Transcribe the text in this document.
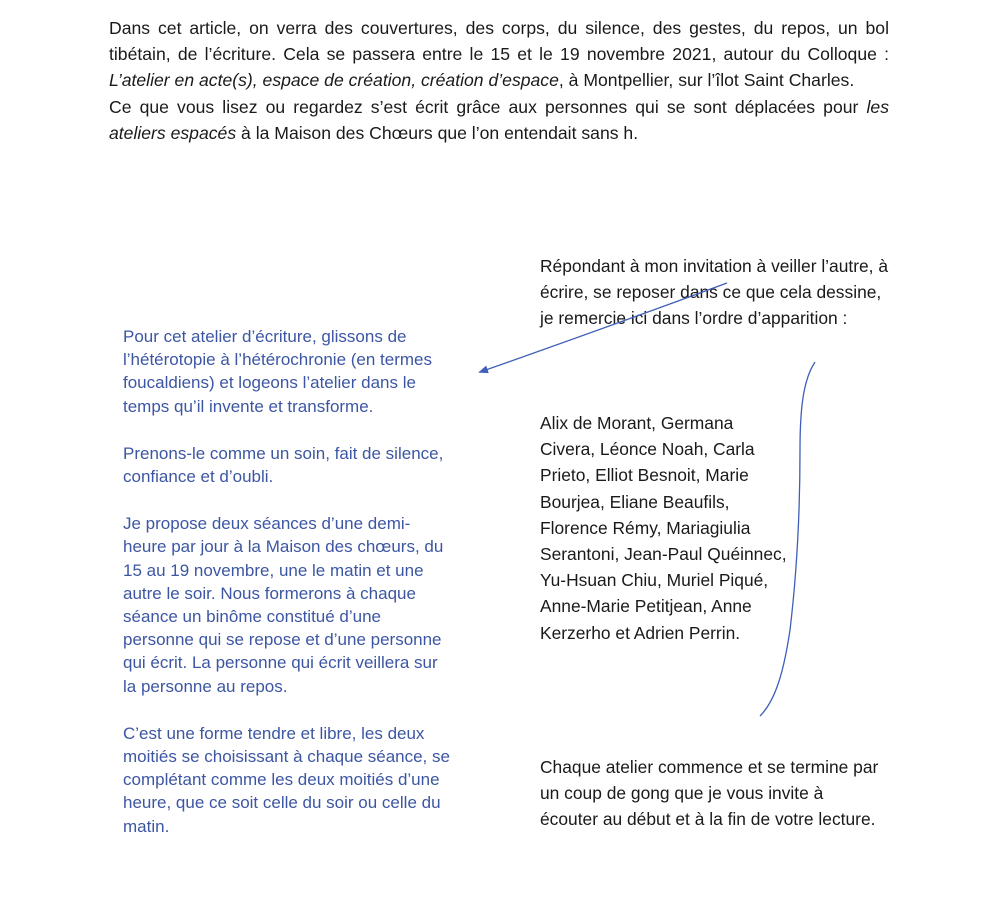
Dans cet article, on verra des couvertures, des corps, du silence, des gestes, du repos, un bol tibétain, de l’écriture. Cela se passera entre le 15 et le 19 novembre 2021, autour du Colloque : L’atelier en acte(s), espace de création, création d’espace, à Montpellier, sur l’îlot Saint Charles.

Ce que vous lisez ou regardez s’est écrit grâce aux personnes qui se sont déplacées pour les ateliers espacés à la Maison des Chœurs que l’on entendait sans h.

Pour cet atelier d’écriture, glissons de l’hétérotopie à l’hétérochronie (en termes foucaldiens) et logeons l’atelier dans le temps qu’il invente et transforme.

Prenons-le comme un soin, fait de silence, confiance et d’oubli.

Je propose deux séances d’une demi-heure par jour à la Maison des chœurs, du 15 au 19 novembre, une le matin et une autre le soir. Nous formerons à chaque séance un binôme constitué d’une personne qui se repose et d’une personne qui écrit. La personne qui écrit veillera sur la personne au repos.

C’est une forme tendre et libre, les deux moitiés se choisissant à chaque séance, se complétant comme les deux moitiés d’une heure, que ce soit celle du soir ou celle du matin.

Répondant à mon invitation à veiller l’autre, à écrire, se reposer dans ce que cela dessine, je remercie ici dans l’ordre d’apparition :

Alix de Morant, Germana Civera, Léonce Noah, Carla Prieto, Elliot Besnoit, Marie Bourjea, Eliane Beaufils, Florence Rémy, Mariagiulia Serantoni, Jean-Paul Quéinnec, Yu-Hsuan Chiu, Muriel Piqué, Anne-Marie Petitjean, Anne Kerzerho et Adrien Perrin.

Chaque atelier commence et se termine par un coup de gong que je vous invite à écouter au début et à la fin de votre lecture.
